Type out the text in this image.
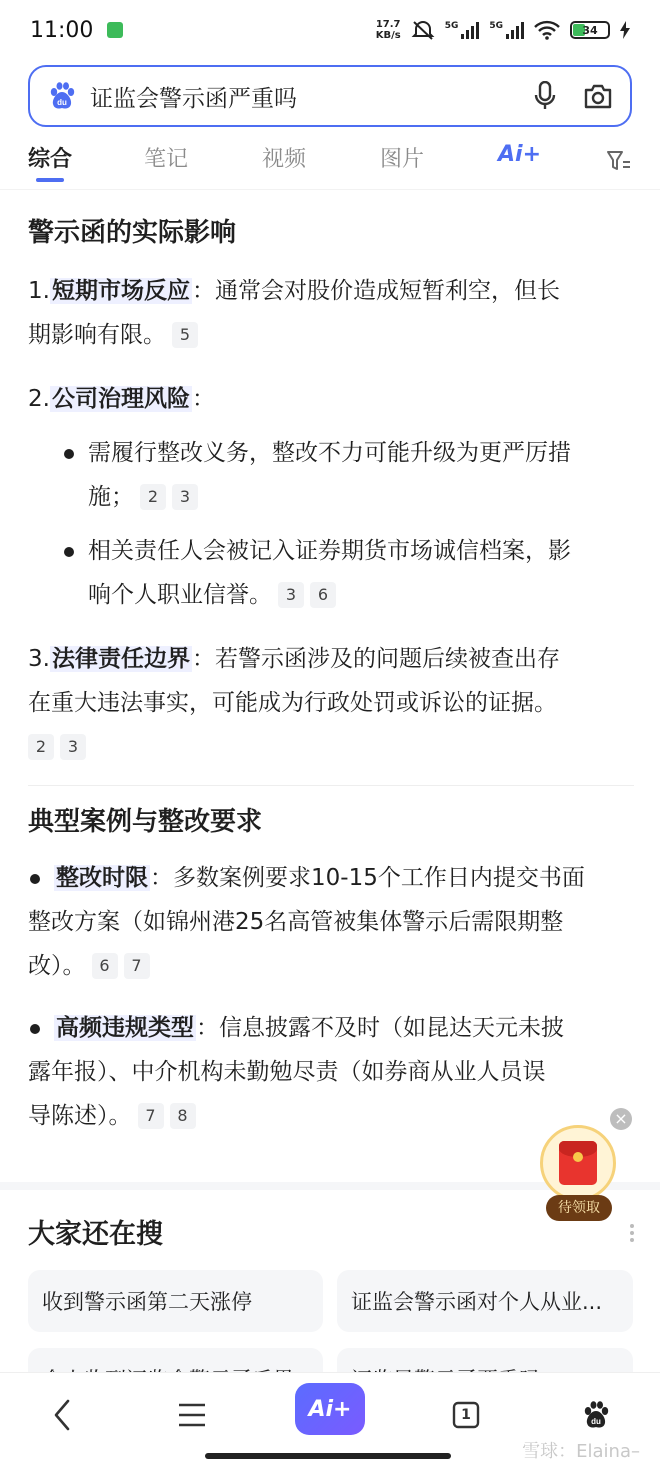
11:00	17.7
KB/s
5G	5G	34
du 证监会警示函严重吗
综合	笔记	视频	图片	Ai+
警示函的实际影响

1.短期市场反应：通常会对股价造成短暂利空，但长
期影响有限。 5

2.公司治理风险：

需履行整改义务，整改不力可能升级为更严厉措
施； 2 3

相关责任人会被记入证券期货市场诚信档案，影
响个人职业信誉。 3 6

3.法律责任边界：若警示函涉及的问题后续被查出存
在重大违法事实，可能成为行政处罚或诉讼的证据。
2 3

典型案例与整改要求

整改时限：多数案例要求10-15个工作日内提交书面
整改方案（如锦州港25名高管被集体警示后需限期整
改）。 6 7

高频违规类型：信息披露不及时（如昆达天元未披
露年报）、中介机构未勤勉尽责（如券商从业人员误
导陈述）。 7 8

大家还在搜
收到警示函第二天涨停	证监会警示函对个人从业...
待领取
×
Ai+	1	du
雪球：Elaina–
